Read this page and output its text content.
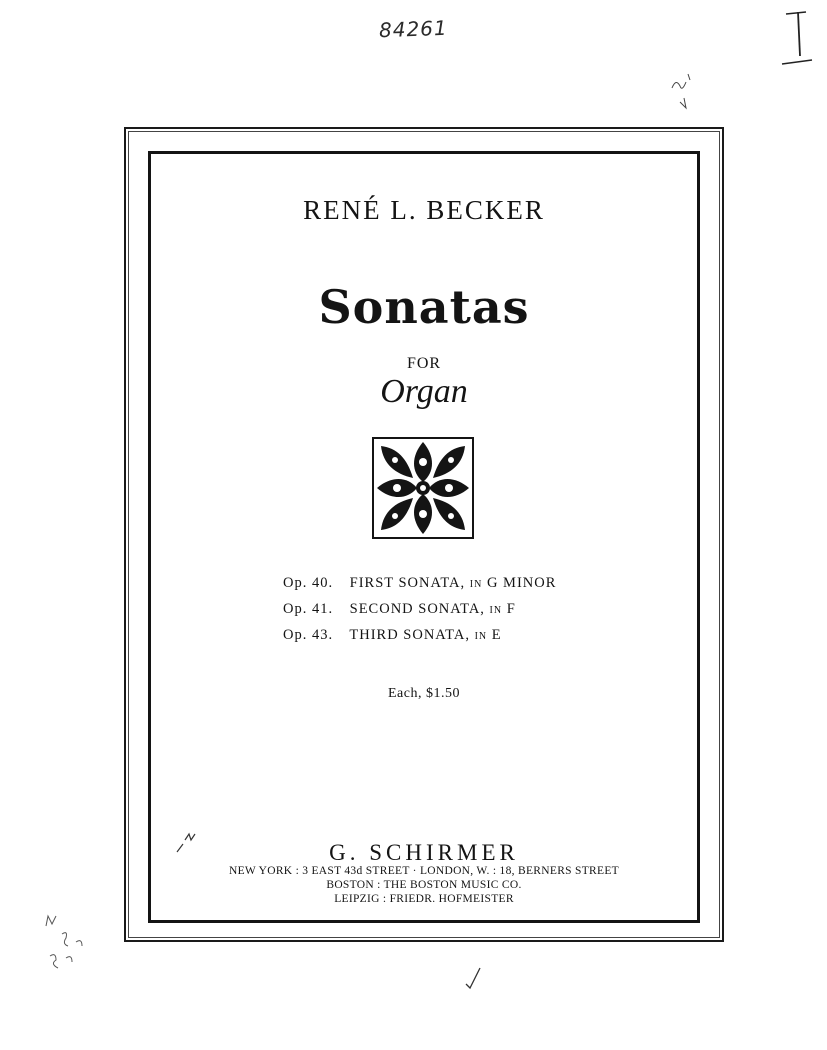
84261
RENÉ L. BECKER
Sonatas
FOR
Organ
Op. 40. FIRST SONATA, IN G MINOR
Op. 41. SECOND SONATA, IN F
Op. 43. THIRD SONATA, IN E
Each, $1.50
G. SCHIRMER
NEW YORK : 3 EAST 43d STREET · LONDON, W. : 18, BERNERS STREET
BOSTON : THE BOSTON MUSIC CO.
LEIPZIG : FRIEDR. HOFMEISTER
